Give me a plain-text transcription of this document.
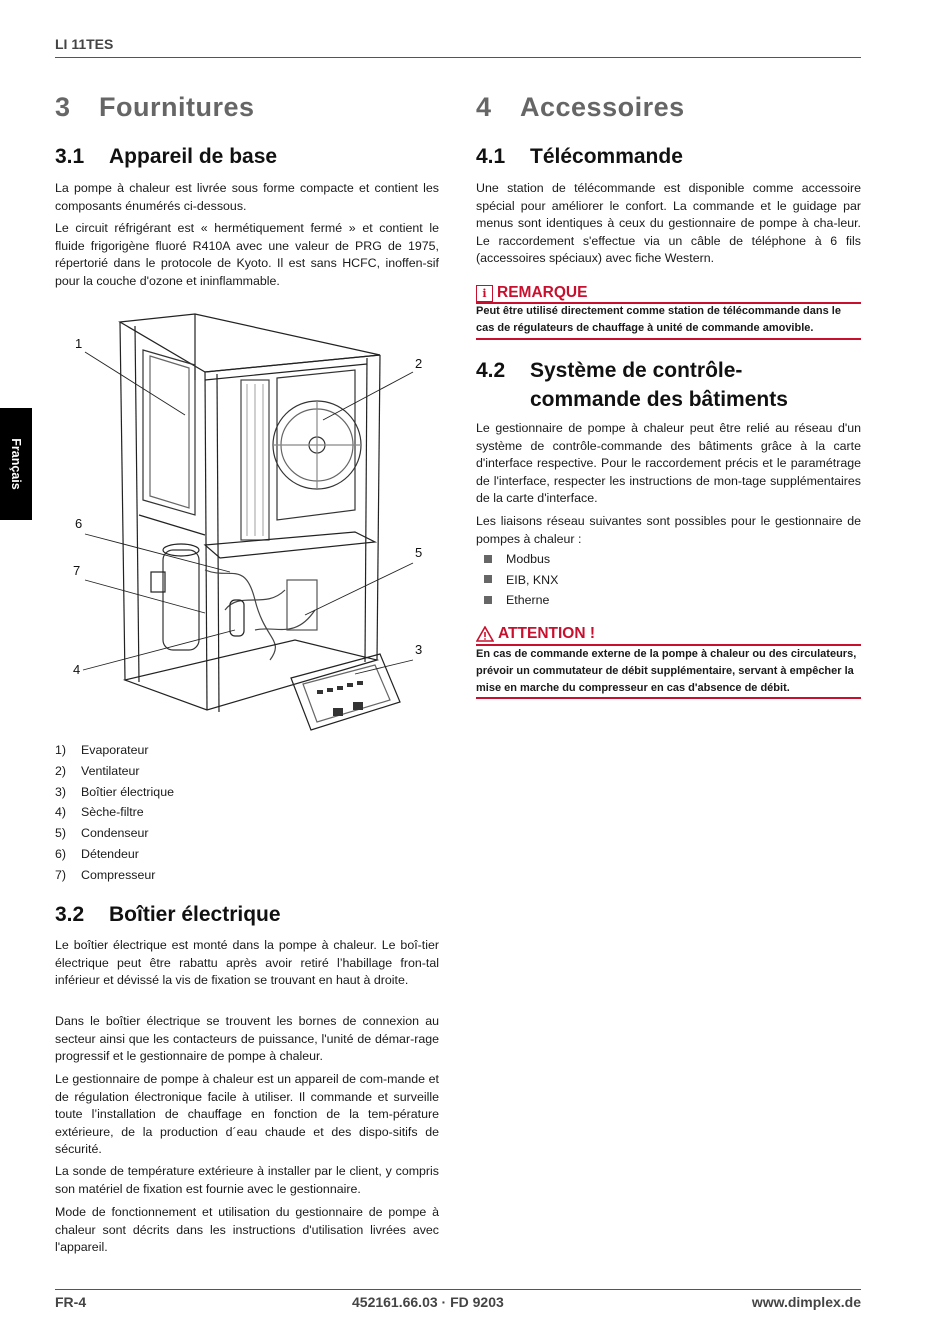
LI 11TES
Français
3 Fournitures
3.1 Appareil de base

La pompe à chaleur est livrée sous forme compacte et contient les composants énumérés ci-dessous.

Le circuit réfrigérant est « hermétiquement fermé » et contient le fluide frigorigène fluoré R410A avec une valeur de PRG de 1975, répertorié dans le protocole de Kyoto. Il est sans HCFC, inoffen-sif pour la couche d'ozone et ininflammable.

1) Evaporateur
2) Ventilateur
3) Boîtier électrique
4) Sèche-filtre
5) Condenseur
6) Détendeur
7) Compresseur
3.2 Boîtier électrique

Le boîtier électrique est monté dans la pompe à chaleur. Le boî-tier électrique peut être rabattu après avoir retiré l’habillage fron-tal inférieur et dévissé la vis de fixation se trouvant en haut à droite.

Dans le boîtier électrique se trouvent les bornes de connexion au secteur ainsi que les contacteurs de puissance, l'unité de démar-rage progressif et le gestionnaire de pompe à chaleur.

Le gestionnaire de pompe à chaleur est un appareil de com-mande et de régulation électronique facile à utiliser. Il commande et surveille toute l’installation de chauffage en fonction de la tem-pérature extérieure, de la production d´eau chaude et des dispo-sitifs de sécurité.

La sonde de température extérieure à installer par le client, y compris son matériel de fixation est fournie avec le gestionnaire.

Mode de fonctionnement et utilisation du gestionnaire de pompe à chaleur sont décrits dans les instructions d'utilisation livrées avec l'appareil.

1
2
3
4
5
6
7
4 Accessoires
4.1 Télécommande

Une station de télécommande est disponible comme accessoire spécial pour améliorer le confort. La commande et le guidage par menus sont identiques à ceux du gestionnaire de pompe à cha-leur. Le raccordement s'effectue via un câble de téléphone à 6 fils (accessoires spéciaux) avec fiche Western.

i REMARQUE

Peut être utilisé directement comme station de télécommande dans le cas de régulateurs de chauffage à unité de commande amovible.

4.2 Système de contrôle-
commande des bâtiments

Le gestionnaire de pompe à chaleur peut être relié au réseau d'un système de contrôle-commande des bâtiments grâce à la carte d'interface respective. Pour le raccordement précis et le paramétrage de l'interface, respecter les instructions de mon-tage supplémentaires de la carte d'interface.

Les liaisons réseau suivantes sont possibles pour le gestionnaire de pompes à chaleur :

Modbus
EIB, KNX
Etherne
ATTENTION !

En cas de commande externe de la pompe à chaleur ou des circulateurs, prévoir un commutateur de débit supplémentaire, servant à empêcher la mise en marche du compresseur en cas d'absence de débit.

FR-4	452161.66.03 · FD 9203	www.dimplex.de
